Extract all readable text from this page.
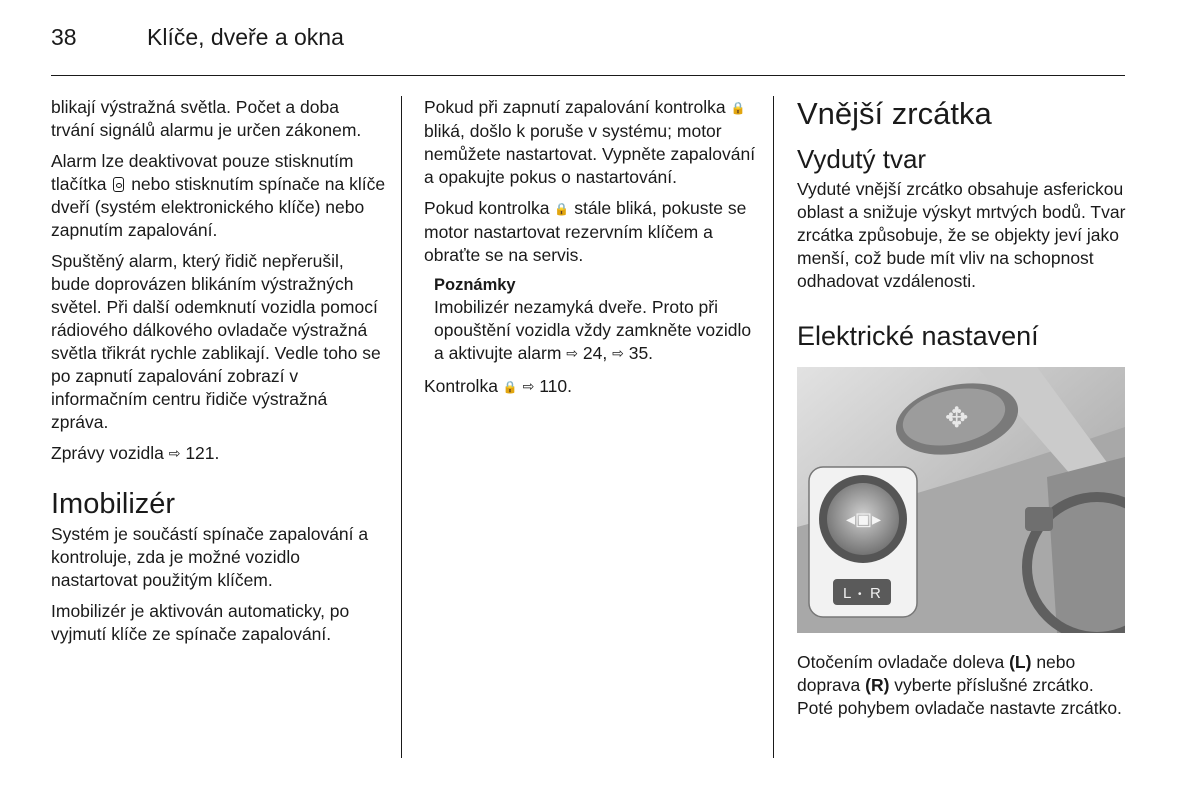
38	Klíče, dveře a okna

blikají výstražná světla. Počet a doba trvání signálů alarmu je určen zákonem.

Alarm lze deaktivovat pouze stisknutím tlačítka nebo stisknutím spínače na klíče dveří (systém elektronického klíče) nebo zapnutím zapalování.

Spuštěný alarm, který řidič nepřerušil, bude doprovázen blikáním výstražných světel. Při další odemknutí vozidla pomocí rádiového dálkového ovladače výstražná světla třikrát rychle zablikají. Vedle toho se po zapnutí zapalování zobrazí v informačním centru řidiče výstražná zpráva.

Zprávy vozidla ⇨ 121.

Imobilizér

Systém je součástí spínače zapalování a kontroluje, zda je možné vozidlo nastartovat použitým klíčem.

Imobilizér je aktivován automaticky, po vyjmutí klíče ze spínače zapalování.

Pokud při zapnutí zapalování kontrolka 🔒 bliká, došlo k poruše v systému; motor nemůžete nastartovat. Vypněte zapalování a opakujte pokus o nastartování.

Pokud kontrolka 🔒 stále bliká, pokuste se motor nastartovat rezervním klíčem a obraťte se na servis.

Poznámky

Imobilizér nezamyká dveře. Proto při opouštění vozidla vždy zamkněte vozidlo a aktivujte alarm ⇨ 24, ⇨ 35.

Kontrolka 🔒 ⇨ 110.

Vnější zrcátka
Vydutý tvar

Vyduté vnější zrcátko obsahuje asferickou oblast a snižuje výskyt mrtvých bodů. Tvar zrcátka způsobuje, že se objekty jeví jako menší, což bude mít vliv na schopnost odhadovat vzdálenosti.

Elektrické nastavení
✥
◂▣▸
L • R

Otočením ovladače doleva (L) nebo doprava (R) vyberte příslušné zrcátko. Poté pohybem ovladače nastavte zrcátko.
